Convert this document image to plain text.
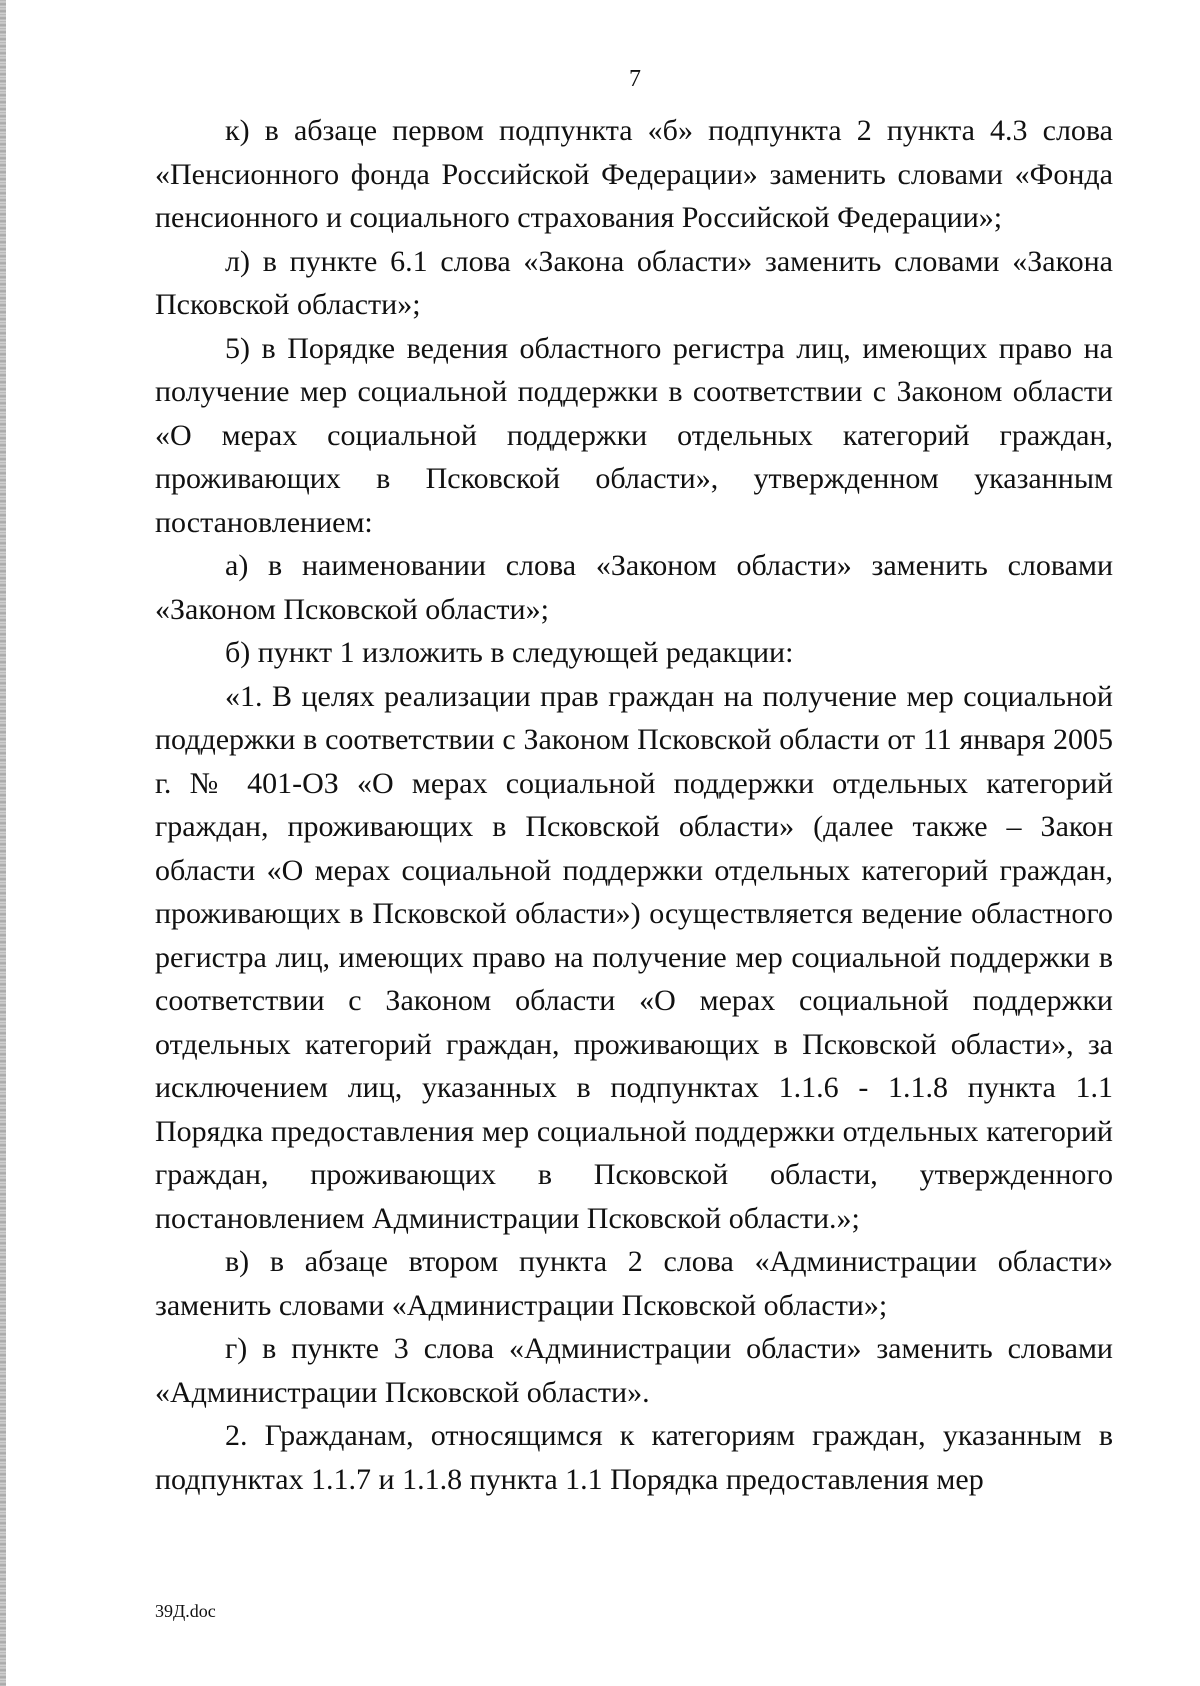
7

к) в абзаце первом подпункта «б» подпункта 2 пункта 4.3 слова «Пенсионного фонда Российской Федерации» заменить словами «Фонда пенсионного и социального страхования Российской Федерации»;

л) в пункте 6.1 слова «Закона области» заменить словами «Закона Псковской области»;

5) в Порядке ведения областного регистра лиц, имеющих право на получение мер социальной поддержки в соответствии с Законом области «О мерах социальной поддержки отдельных категорий граждан, проживающих в Псковской области», утвержденном указанным постановлением:

а) в наименовании слова «Законом области» заменить словами «Законом Псковской области»;

б) пункт 1 изложить в следующей редакции:

«1. В целях реализации прав граждан на получение мер социальной поддержки в соответствии с Законом Псковской области от 11 января 2005 г. № 401-ОЗ «О мерах социальной поддержки отдельных категорий граждан, проживающих в Псковской области» (далее также – Закон области «О мерах социальной поддержки отдельных категорий граждан, проживающих в Псковской области») осуществляется ведение областного регистра лиц, имеющих право на получение мер социальной поддержки в соответствии с Законом области «О мерах социальной поддержки отдельных категорий граждан, проживающих в Псковской области», за исключением лиц, указанных в подпунктах 1.1.6 - 1.1.8 пункта 1.1 Порядка предоставления мер социальной поддержки отдельных категорий граждан, проживающих в Псковской области, утвержденного постановлением Администрации Псковской области.»;

в) в абзаце втором пункта 2 слова «Администрации области» заменить словами «Администрации Псковской области»;

г) в пункте 3 слова «Администрации области» заменить словами «Администрации Псковской области».

2. Гражданам, относящимся к категориям граждан, указанным в подпунктах 1.1.7 и 1.1.8 пункта 1.1 Порядка предоставления мер

39Д.doc
